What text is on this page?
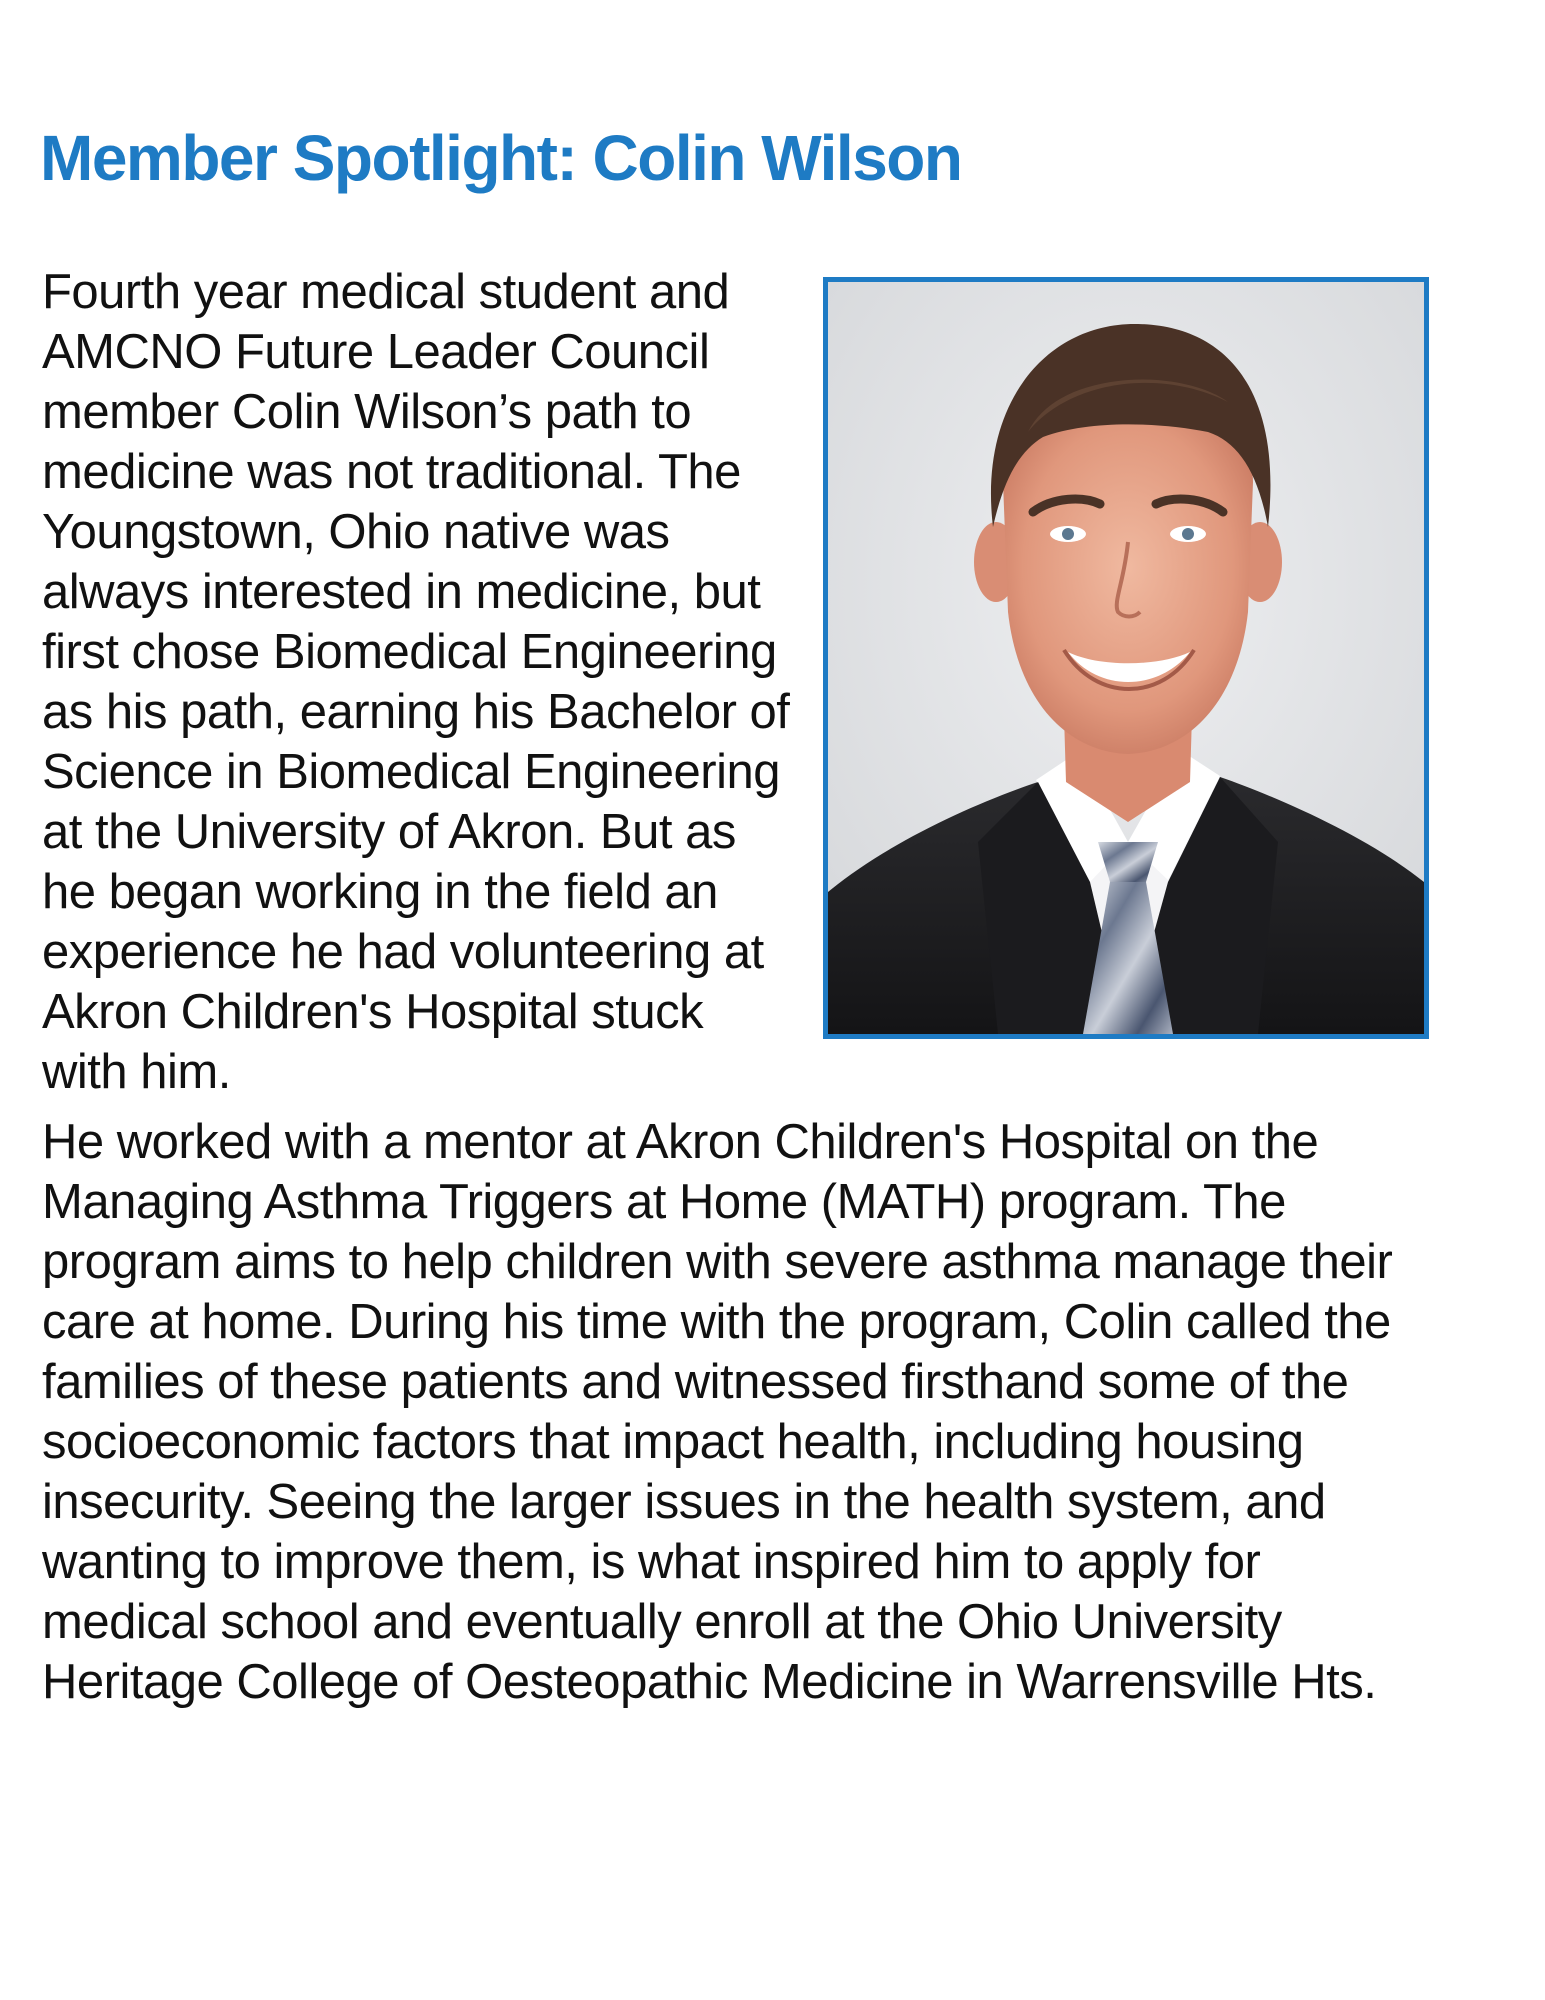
Member Spotlight: Colin Wilson

Fourth year medical student and AMCNO Future Leader Council member Colin Wilson’s path to medicine was not traditional. The Youngstown, Ohio native was always interested in medicine, but first chose Biomedical Engineering as his path, earning his Bachelor of Science in Biomedical Engineering at the University of Akron. But as he began working in the field an experience he had volunteering at Akron Children's Hospital stuck with him.

He worked with a mentor at Akron Children's Hospital on the Managing Asthma Triggers at Home (MATH) program. The program aims to help children with severe asthma manage their care at home. During his time with the program, Colin called the families of these patients and witnessed firsthand some of the socioeconomic factors that impact health, including housing insecurity. Seeing the larger issues in the health system, and wanting to improve them, is what inspired him to apply for medical school and eventually enroll at the Ohio University Heritage College of Oesteopathic Medicine in Warrensville Hts.
